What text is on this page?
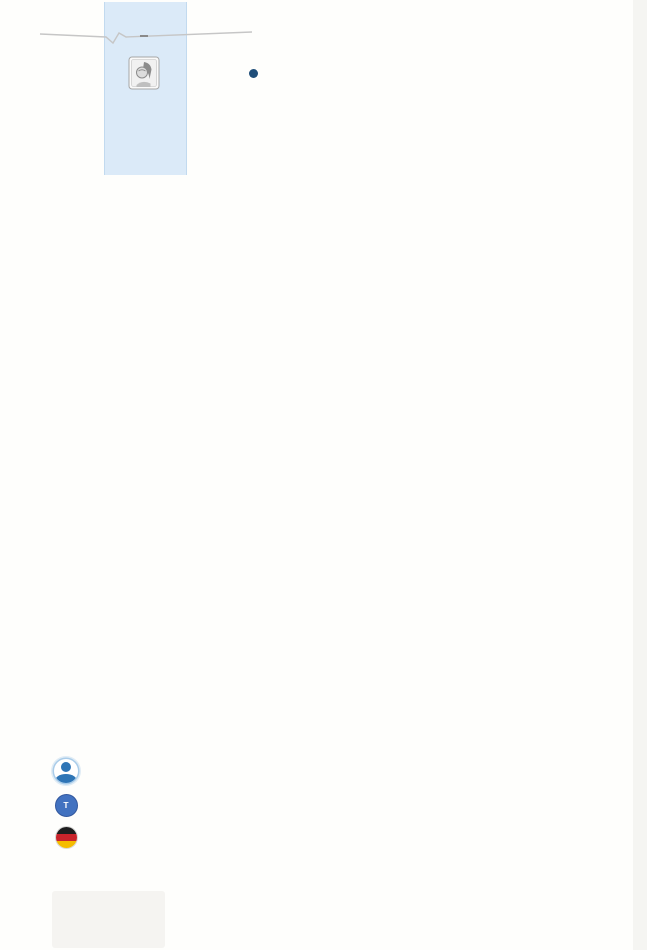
T
